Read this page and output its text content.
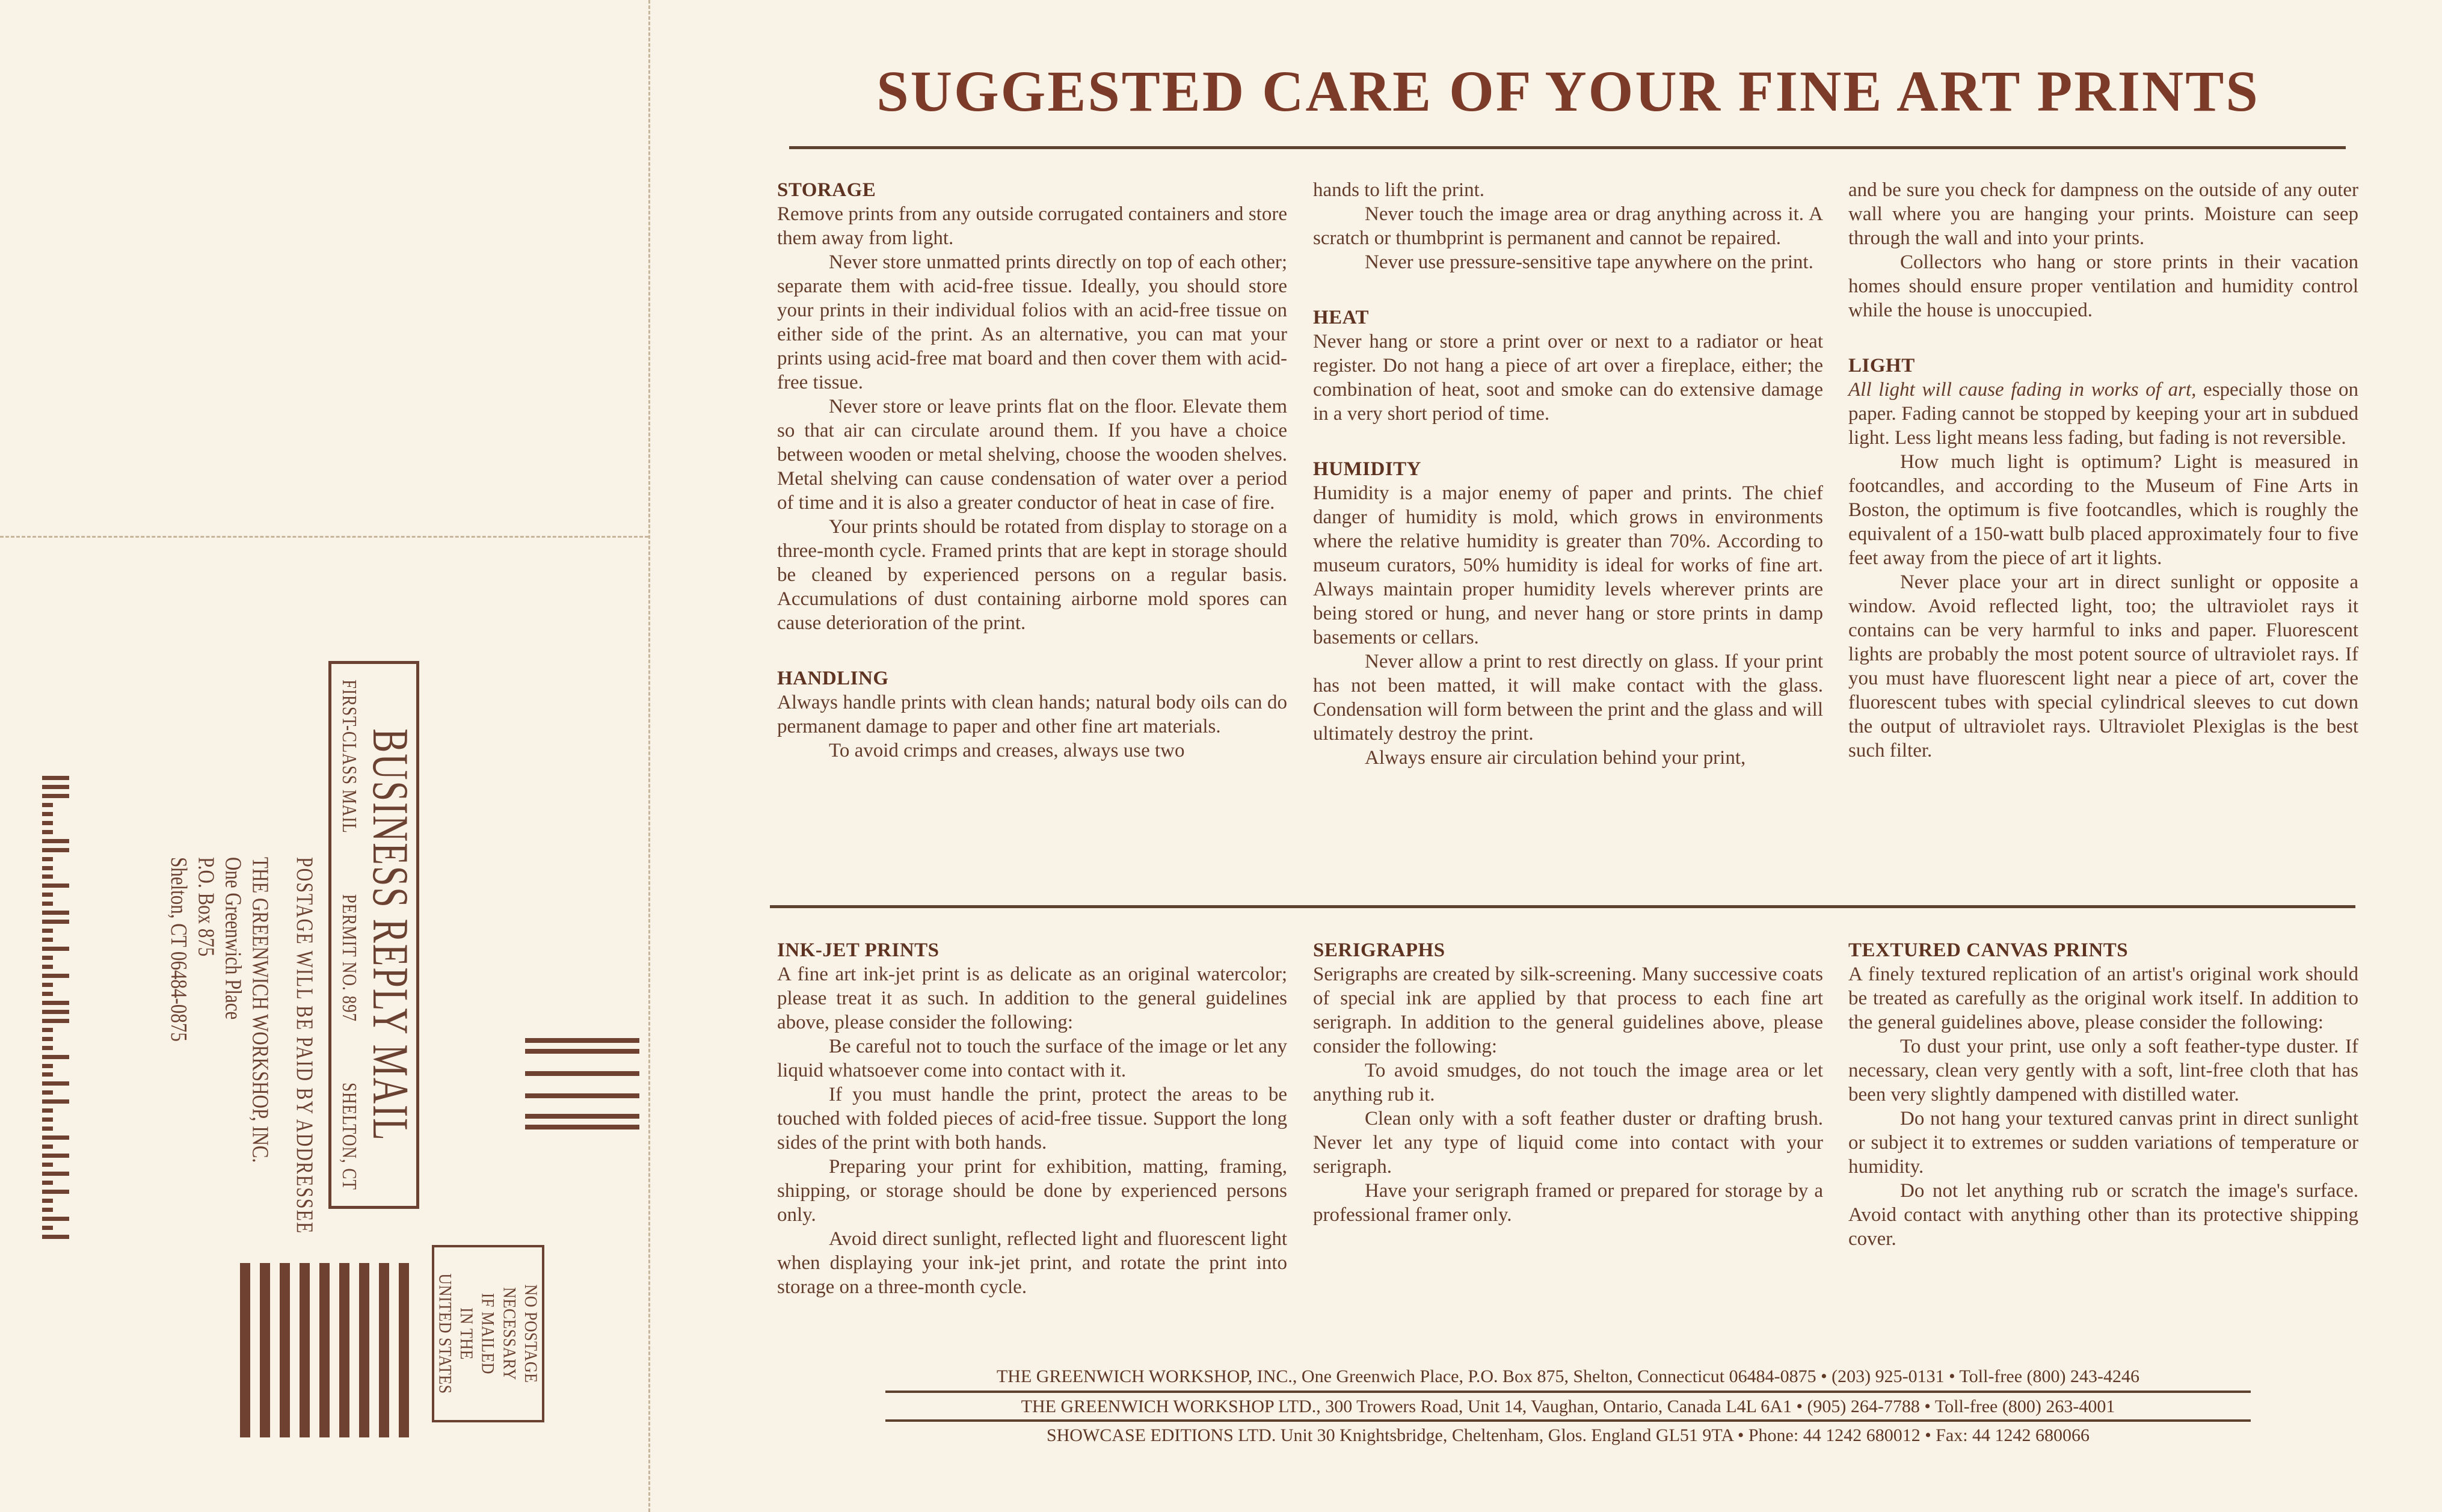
BUSINESS REPLY MAIL
FIRST-CLASS MAIL
PERMIT NO. 897
SHELTON, CT
POSTAGE WILL BE PAID BY ADDRESSEE
THE GREENWICH WORKSHOP, INC.
One Greenwich Place
P.O. Box 875
Shelton, CT 06484-0875
NO POSTAGE
NECESSARY
IF MAILED
IN THE
UNITED STATES
SUGGESTED CARE OF YOUR FINE ART PRINTS
STORAGE

Remove prints from any outside corrugated containers and store them away from light.

Never store unmatted prints directly on top of each other; separate them with acid-free tissue. Ideally, you should store your prints in their individual folios with an acid-free tissue on either side of the print. As an alternative, you can mat your prints using acid-free mat board and then cover them with acid-free tissue.

Never store or leave prints flat on the floor. Elevate them so that air can circulate around them. If you have a choice between wooden or metal shelving, choose the wooden shelves. Metal shelving can cause condensation of water over a period of time and it is also a greater conductor of heat in case of fire.

Your prints should be rotated from display to storage on a three-month cycle. Framed prints that are kept in storage should be cleaned by experienced persons on a regular basis. Accumulations of dust containing airborne mold spores can cause deterioration of the print.

HANDLING

Always handle prints with clean hands; natural body oils can do permanent damage to paper and other fine art materials.

To avoid crimps and creases, always use two

hands to lift the print.

Never touch the image area or drag anything across it. A scratch or thumbprint is permanent and cannot be repaired.

Never use pressure-sensitive tape anywhere on the print.

HEAT

Never hang or store a print over or next to a radiator or heat register. Do not hang a piece of art over a fireplace, either; the combination of heat, soot and smoke can do extensive damage in a very short period of time.

HUMIDITY

Humidity is a major enemy of paper and prints. The chief danger of humidity is mold, which grows in environments where the relative humidity is greater than 70%. According to museum curators, 50% humidity is ideal for works of fine art. Always maintain proper humidity levels wherever prints are being stored or hung, and never hang or store prints in damp basements or cellars.

Never allow a print to rest directly on glass. If your print has not been matted, it will make contact with the glass. Condensation will form between the print and the glass and will ultimately destroy the print.

Always ensure air circulation behind your print,

and be sure you check for dampness on the outside of any outer wall where you are hanging your prints. Moisture can seep through the wall and into your prints.

Collectors who hang or store prints in their vacation homes should ensure proper ventilation and humidity control while the house is unoccupied.

LIGHT

All light will cause fading in works of art, especially those on paper. Fading cannot be stopped by keeping your art in subdued light. Less light means less fading, but fading is not reversible.

How much light is optimum? Light is measured in footcandles, and according to the Museum of Fine Arts in Boston, the optimum is five footcandles, which is roughly the equivalent of a 150-watt bulb placed approximately four to five feet away from the piece of art it lights.

Never place your art in direct sunlight or opposite a window. Avoid reflected light, too; the ultraviolet rays it contains can be very harmful to inks and paper. Fluorescent lights are probably the most potent source of ultraviolet rays. If you must have fluorescent light near a piece of art, cover the fluorescent tubes with special cylindrical sleeves to cut down the output of ultraviolet rays. Ultraviolet Plexiglas is the best such filter.

INK-JET PRINTS

A fine art ink-jet print is as delicate as an original watercolor; please treat it as such. In addition to the general guidelines above, please consider the following:

Be careful not to touch the surface of the image or let any liquid whatsoever come into contact with it.

If you must handle the print, protect the areas to be touched with folded pieces of acid-free tissue. Support the long sides of the print with both hands.

Preparing your print for exhibition, matting, framing, shipping, or storage should be done by experienced persons only.

Avoid direct sunlight, reflected light and fluorescent light when displaying your ink-jet print, and rotate the print into storage on a three-month cycle.

SERIGRAPHS

Serigraphs are created by silk-screening. Many successive coats of special ink are applied by that process to each fine art serigraph. In addition to the general guidelines above, please consider the following:

To avoid smudges, do not touch the image area or let anything rub it.

Clean only with a soft feather duster or drafting brush. Never let any type of liquid come into contact with your serigraph.

Have your serigraph framed or prepared for storage by a professional framer only.

TEXTURED CANVAS PRINTS

A finely textured replication of an artist's original work should be treated as carefully as the original work itself. In addition to the general guidelines above, please consider the following:

To dust your print, use only a soft feather-type duster. If necessary, clean very gently with a soft, lint-free cloth that has been very slightly dampened with distilled water.

Do not hang your textured canvas print in direct sunlight or subject it to extremes or sudden variations of temperature or humidity.

Do not let anything rub or scratch the image's surface. Avoid contact with anything other than its protective shipping cover.

THE GREENWICH WORKSHOP, INC., One Greenwich Place, P.O. Box 875, Shelton, Connecticut 06484-0875 • (203) 925-0131 • Toll-free (800) 243-4246
THE GREENWICH WORKSHOP LTD., 300 Trowers Road, Unit 14, Vaughan, Ontario, Canada L4L 6A1 • (905) 264-7788 • Toll-free (800) 263-4001
SHOWCASE EDITIONS LTD. Unit 30 Knightsbridge, Cheltenham, Glos. England GL51 9TA • Phone: 44 1242 680012 • Fax: 44 1242 680066
